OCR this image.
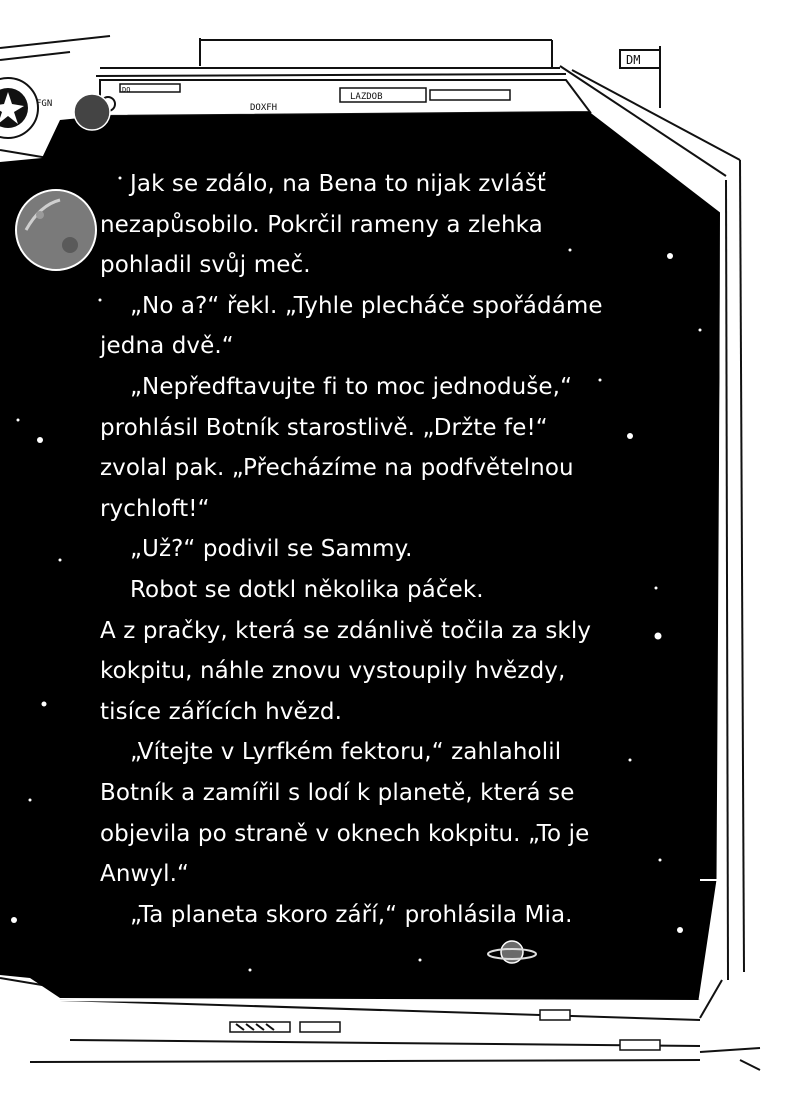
FGN
DM
LAZDOB
DOXFH
DO
Jak se zdálo, na Bena to nijak zvlášť
nezapůsobilo. Pokrčil rameny a zlehka
pohladil svůj meč.
„No a?“ řekl. „Tyhle plecháče spořádáme
jedna dvě.“
„Nepředftavujte fi to moc jednoduše,“
prohlásil Botník starostlivě. „Držte fe!“
zvolal pak. „Přecházíme na podfvětelnou
rychloft!“
„Už?“ podivil se Sammy.
Robot se dotkl několika páček.
A z pračky, která se zdánlivě točila za skly
kokpitu, náhle znovu vystoupily hvězdy,
tisíce zářících hvězd.
„Vítejte v Lyrfkém fektoru,“ zahlaholil
Botník a zamířil s lodí k planetě, která se
objevila po straně v oknech kokpitu. „To je
Anwyl.“
„Ta planeta skoro září,“ prohlásila Mia.
